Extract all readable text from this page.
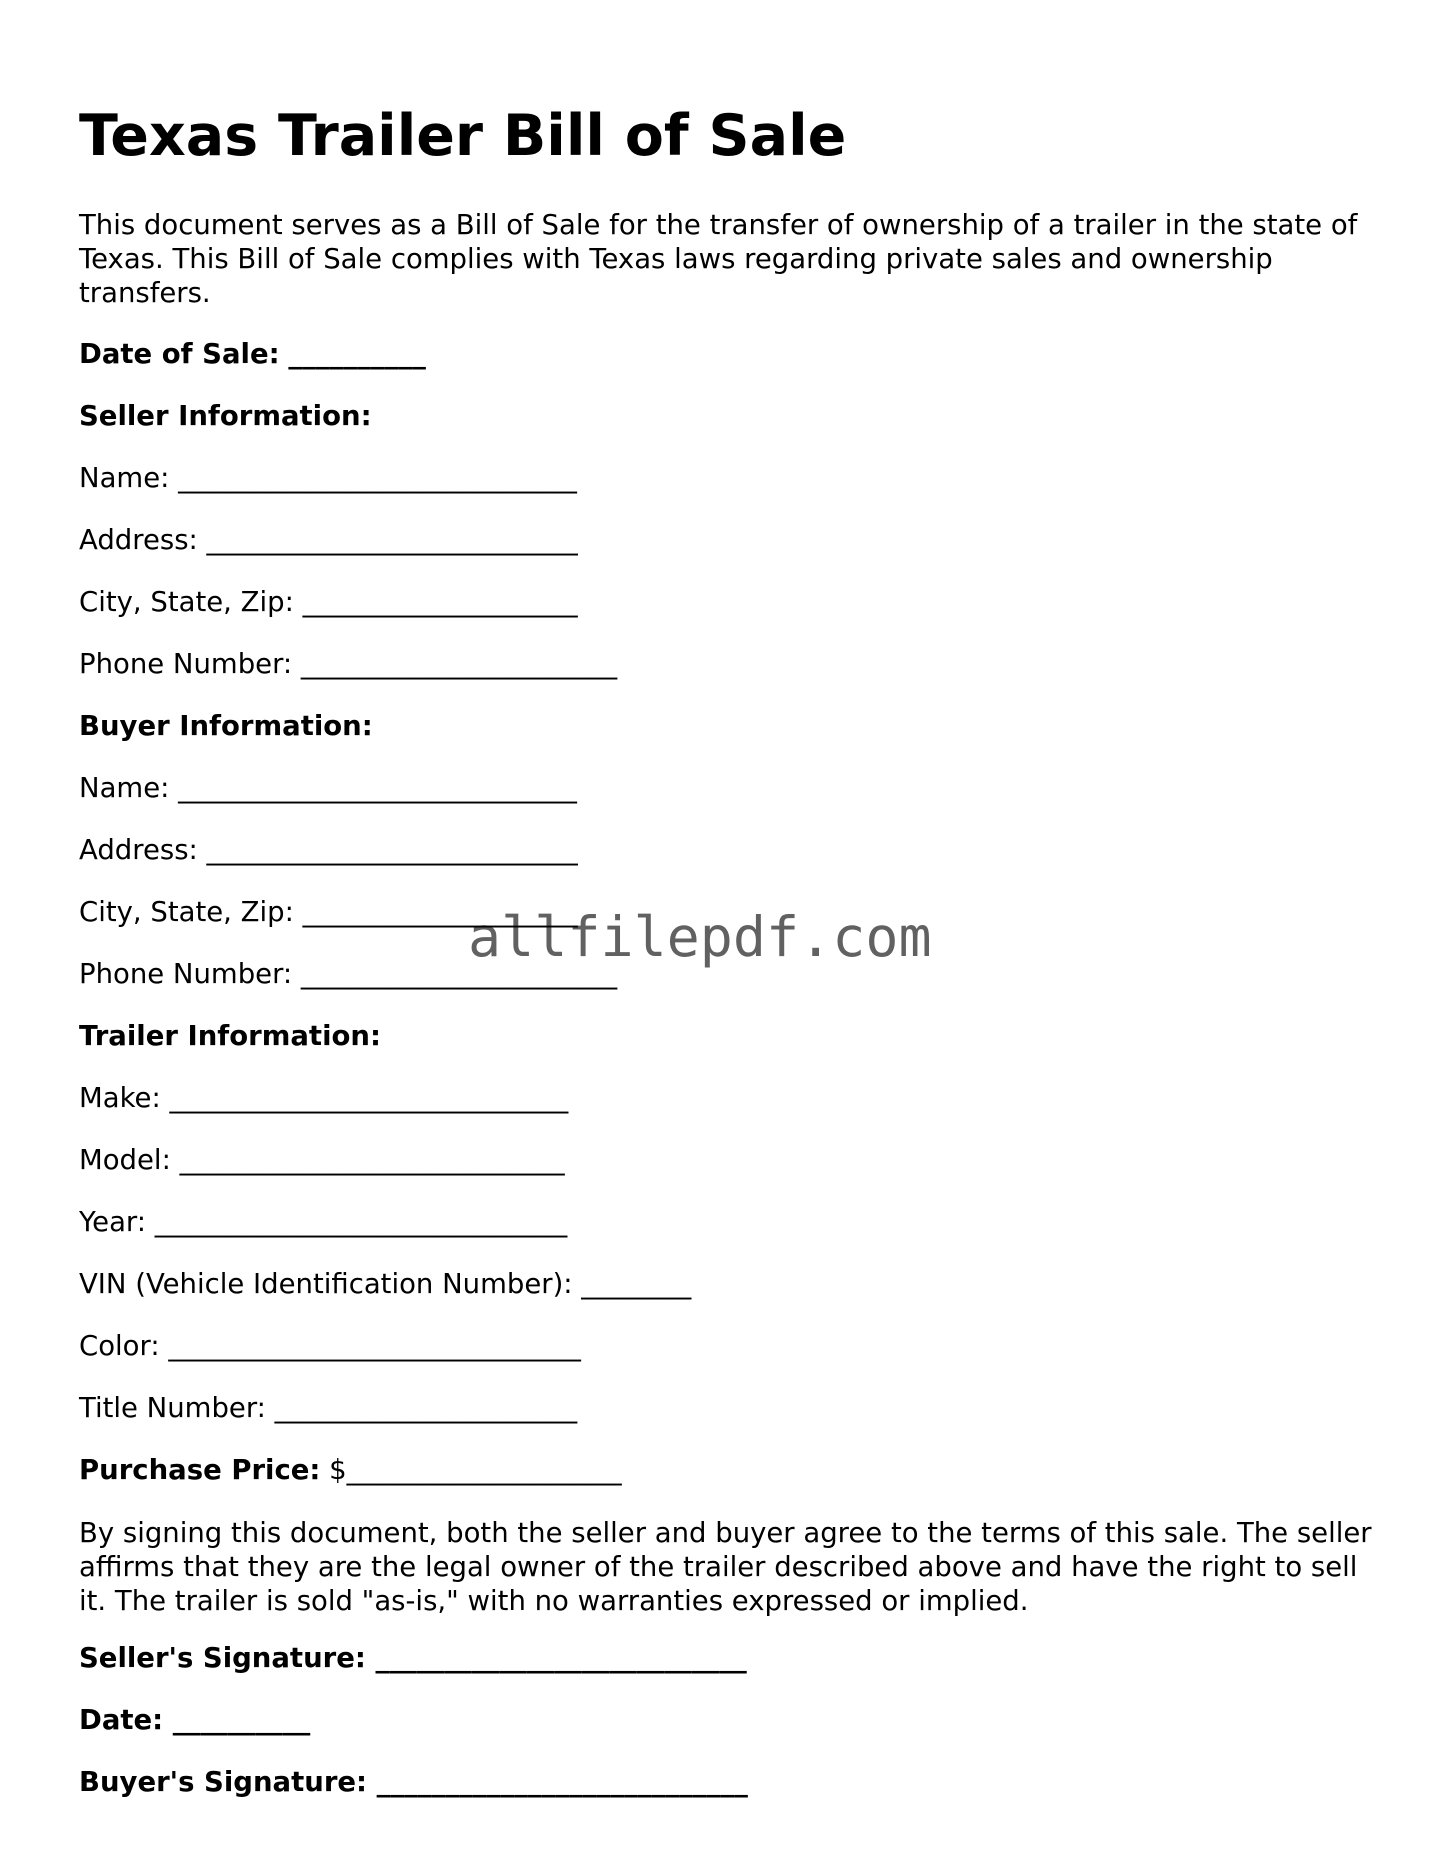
Texas Trailer Bill of Sale

This document serves as a Bill of Sale for the transfer of ownership of a trailer in the state of Texas. This Bill of Sale complies with Texas laws regarding private sales and ownership transfers.

Date of Sale: __________

Seller Information:

Name: _____________________________

Address: ___________________________

City, State, Zip: ____________________

Phone Number: _______________________

Buyer Information:

Name: _____________________________

Address: ___________________________

City, State, Zip: ____________________

Phone Number: _______________________

Trailer Information:

Make: _____________________________

Model: ____________________________

Year: ______________________________

VIN (Vehicle Identification Number): ________

Color: ______________________________

Title Number: ______________________

Purchase Price: $____________________

By signing this document, both the seller and buyer agree to the terms of this sale. The seller affirms that they are the legal owner of the trailer described above and have the right to sell it. The trailer is sold "as-is," with no warranties expressed or implied.

Seller's Signature: ___________________________

Date: __________

Buyer's Signature: ___________________________

allfilepdf.com
